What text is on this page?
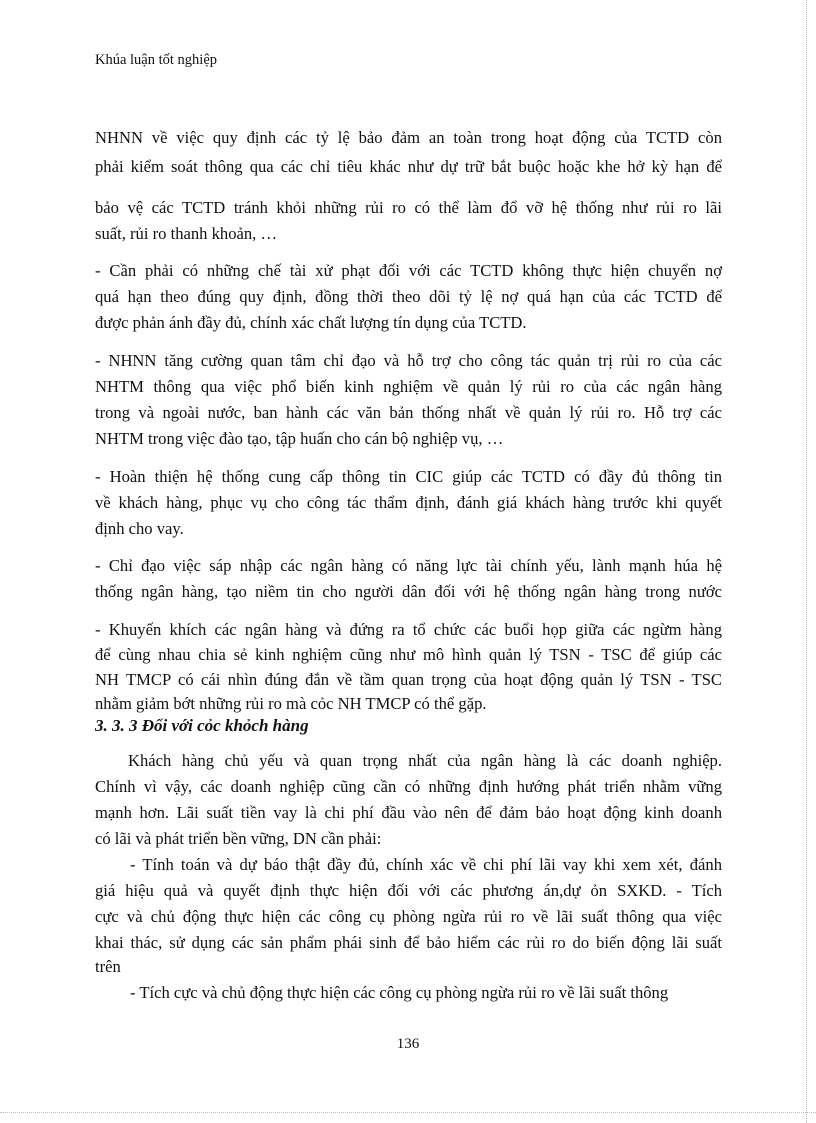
Khúa luận tốt nghiệp
NHNN về việc quy định các tỷ lệ bảo đảm an toàn trong hoạt động của TCTD còn
phải kiểm soát thông qua các chỉ tiêu khác như dự trữ bắt buộc hoặc khe hở kỳ hạn để
bảo vệ các TCTD tránh khỏi những rủi ro có thể làm đổ vỡ hệ thống như rủi ro lãi
suất, rủi ro thanh khoản, …
- Cần phải có những chế tài xử phạt đối với các TCTD không thực hiện chuyển nợ
quá hạn theo đúng quy định, đồng thời theo dõi tỷ lệ nợ quá hạn của các TCTD để
được phản ánh đầy đủ, chính xác chất lượng tín dụng của TCTD.
- NHNN tăng cường quan tâm chỉ đạo và hỗ trợ cho công tác quản trị rủi ro của các
NHTM thông qua việc phổ biến kinh nghiệm về quản lý rủi ro của các ngân hàng
trong và ngoài nước, ban hành các văn bản thống nhất về quản lý rủi ro. Hỗ trợ các
NHTM trong việc đào tạo, tập huấn cho cán bộ nghiệp vụ, …
- Hoàn thiện hệ thống cung cấp thông tin CIC giúp các TCTD có đầy đủ thông tin
về khách hàng, phục vụ cho công tác thẩm định, đánh giá khách hàng trước khi quyết
định cho vay.
- Chỉ đạo việc sáp nhập các ngân hàng có năng lực tài chính yếu, lành mạnh húa hệ
thống ngân hàng, tạo niềm tin cho người dân đối với hệ thống ngân hàng trong nước
- Khuyến khích các ngân hàng và đứng ra tổ chức các buổi họp giữa các ngừm hàng
để cùng nhau chia sẻ kinh nghiệm cũng như mô hình quản lý TSN - TSC để giúp các
NH TMCP có cái nhìn đúng đắn về tầm quan trọng của hoạt động quản lý TSN - TSC
nhằm giảm bớt những rủi ro mà cỏc NH TMCP có thể gặp.
3. 3. 3 Đối với cỏc khỏch hàng
Khách hàng chủ yếu và quan trọng nhất của ngân hàng là các doanh nghiệp.
Chính vì vậy, các doanh nghiệp cũng cần có những định hướng phát triển nhằm vững
mạnh hơn. Lãi suất tiền vay là chi phí đầu vào nên để đảm bảo hoạt động kinh doanh
có lãi và phát triển bền vững, DN cần phải:
- Tính toán và dự báo thật đầy đủ, chính xác về chi phí lãi vay khi xem xét, đánh
giá hiệu quả và quyết định thực hiện đối với các phương án,dự ỏn SXKD. - Tích
cực và chủ động thực hiện các công cụ phòng ngừa rủi ro về lãi suất thông qua việc
khai thác, sử dụng các sản phẩm phái sinh để bảo hiểm các rủi ro do biến động lãi suất
trên
- Tích cực và chủ động thực hiện các công cụ phòng ngừa rủi ro về lãi suất thông
136
